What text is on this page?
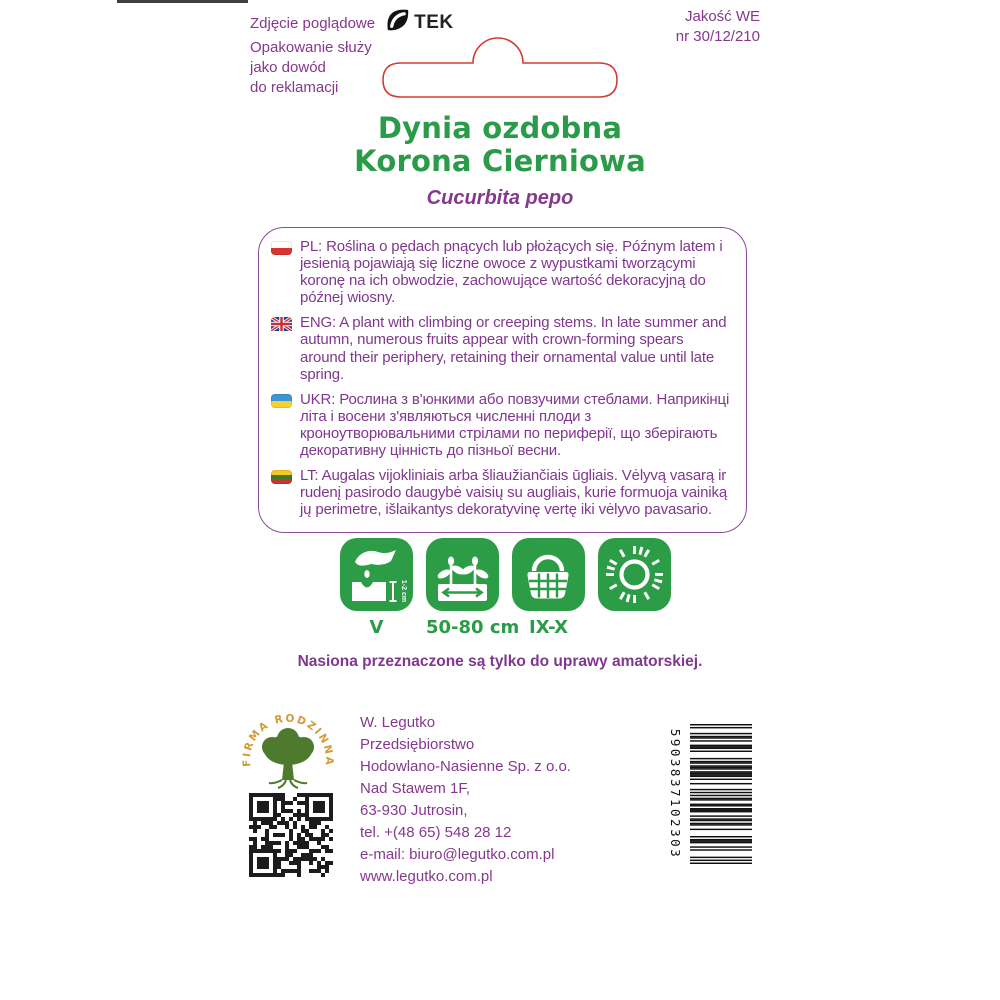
Zdjęcie poglądowe TEK
Opakowanie służy
jako dowód
do reklamacji
Jakość WE
nr 30/12/210
Dynia ozdobna
Korona Cierniowa
Cucurbita pepo
PL: Roślina o pędach pnących lub płożących się. Późnym latem i jesienią pojawiają się liczne owoce z wypustkami tworzącymi koronę na ich obwodzie, zachowujące wartość dekoracyjną do późnej wiosny.
ENG: A plant with climbing or creeping stems. In late summer and autumn, numerous fruits appear with crown-forming spears around their periphery, retaining their ornamental value until late spring.
UKR: Рослина з в'юнкими або повзучими стеблами. Наприкінці літа і восени з'являються численні плоди з кроноутворювальними стрілами по периферії, що зберігають декоративну цінність до пізньої весни.
LT: Augalas vijokliniais arba šliaužiančiais ūgliais. Vėlyvą vasarą ir rudenį pasirodo daugybė vaisių su augliais, kurie formuoja vainiką jų perimetre, išlaikantys dekoratyvinę vertę iki vėlyvo pavasario.
1-2 cm
V	50-80 cm IX-X
Nasiona przeznaczone są tylko do uprawy amatorskiej.
FIRMA RODZINNA
W. Legutko
Przedsiębiorstwo
Hodowlano-Nasienne Sp. z o.o.
Nad Stawem 1F,
63-930 Jutrosin,
tel. +(48 65) 548 28 12
e-mail: biuro@legutko.com.pl
www.legutko.com.pl
5903837102303
